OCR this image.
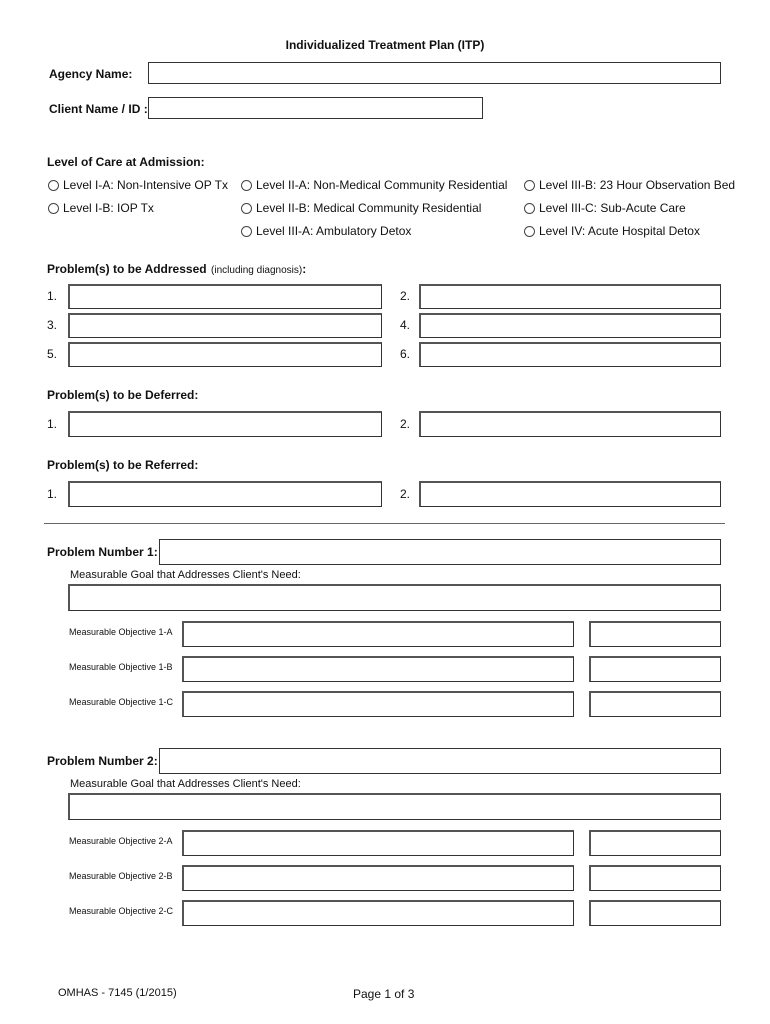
Individualized Treatment Plan (ITP)
Agency Name:
Client Name / ID :
Level of Care at Admission:
Level I-A: Non-Intensive OP Tx
Level I-B: IOP Tx
Level II-A: Non-Medical Community Residential
Level II-B: Medical Community Residential
Level III-A: Ambulatory Detox
Level III-B: 23 Hour Observation Bed
Level III-C: Sub-Acute Care
Level IV: Acute Hospital Detox
Problem(s) to be Addressed (including diagnosis):
1.	2.
3.	4.
5.	6.
Problem(s) to be Deferred:
1.	2.
Problem(s) to be Referred:
1.	2.
Problem Number 1:
Measurable Goal that Addresses Client's Need:
Measurable Objective 1-A
Measurable Objective 1-B
Measurable Objective 1-C
Problem Number 2:
Measurable Goal that Addresses Client's Need:
Measurable Objective 2-A
Measurable Objective 2-B
Measurable Objective 2-C
OMHAS - 7145 (1/2015)	Page 1 of 3
